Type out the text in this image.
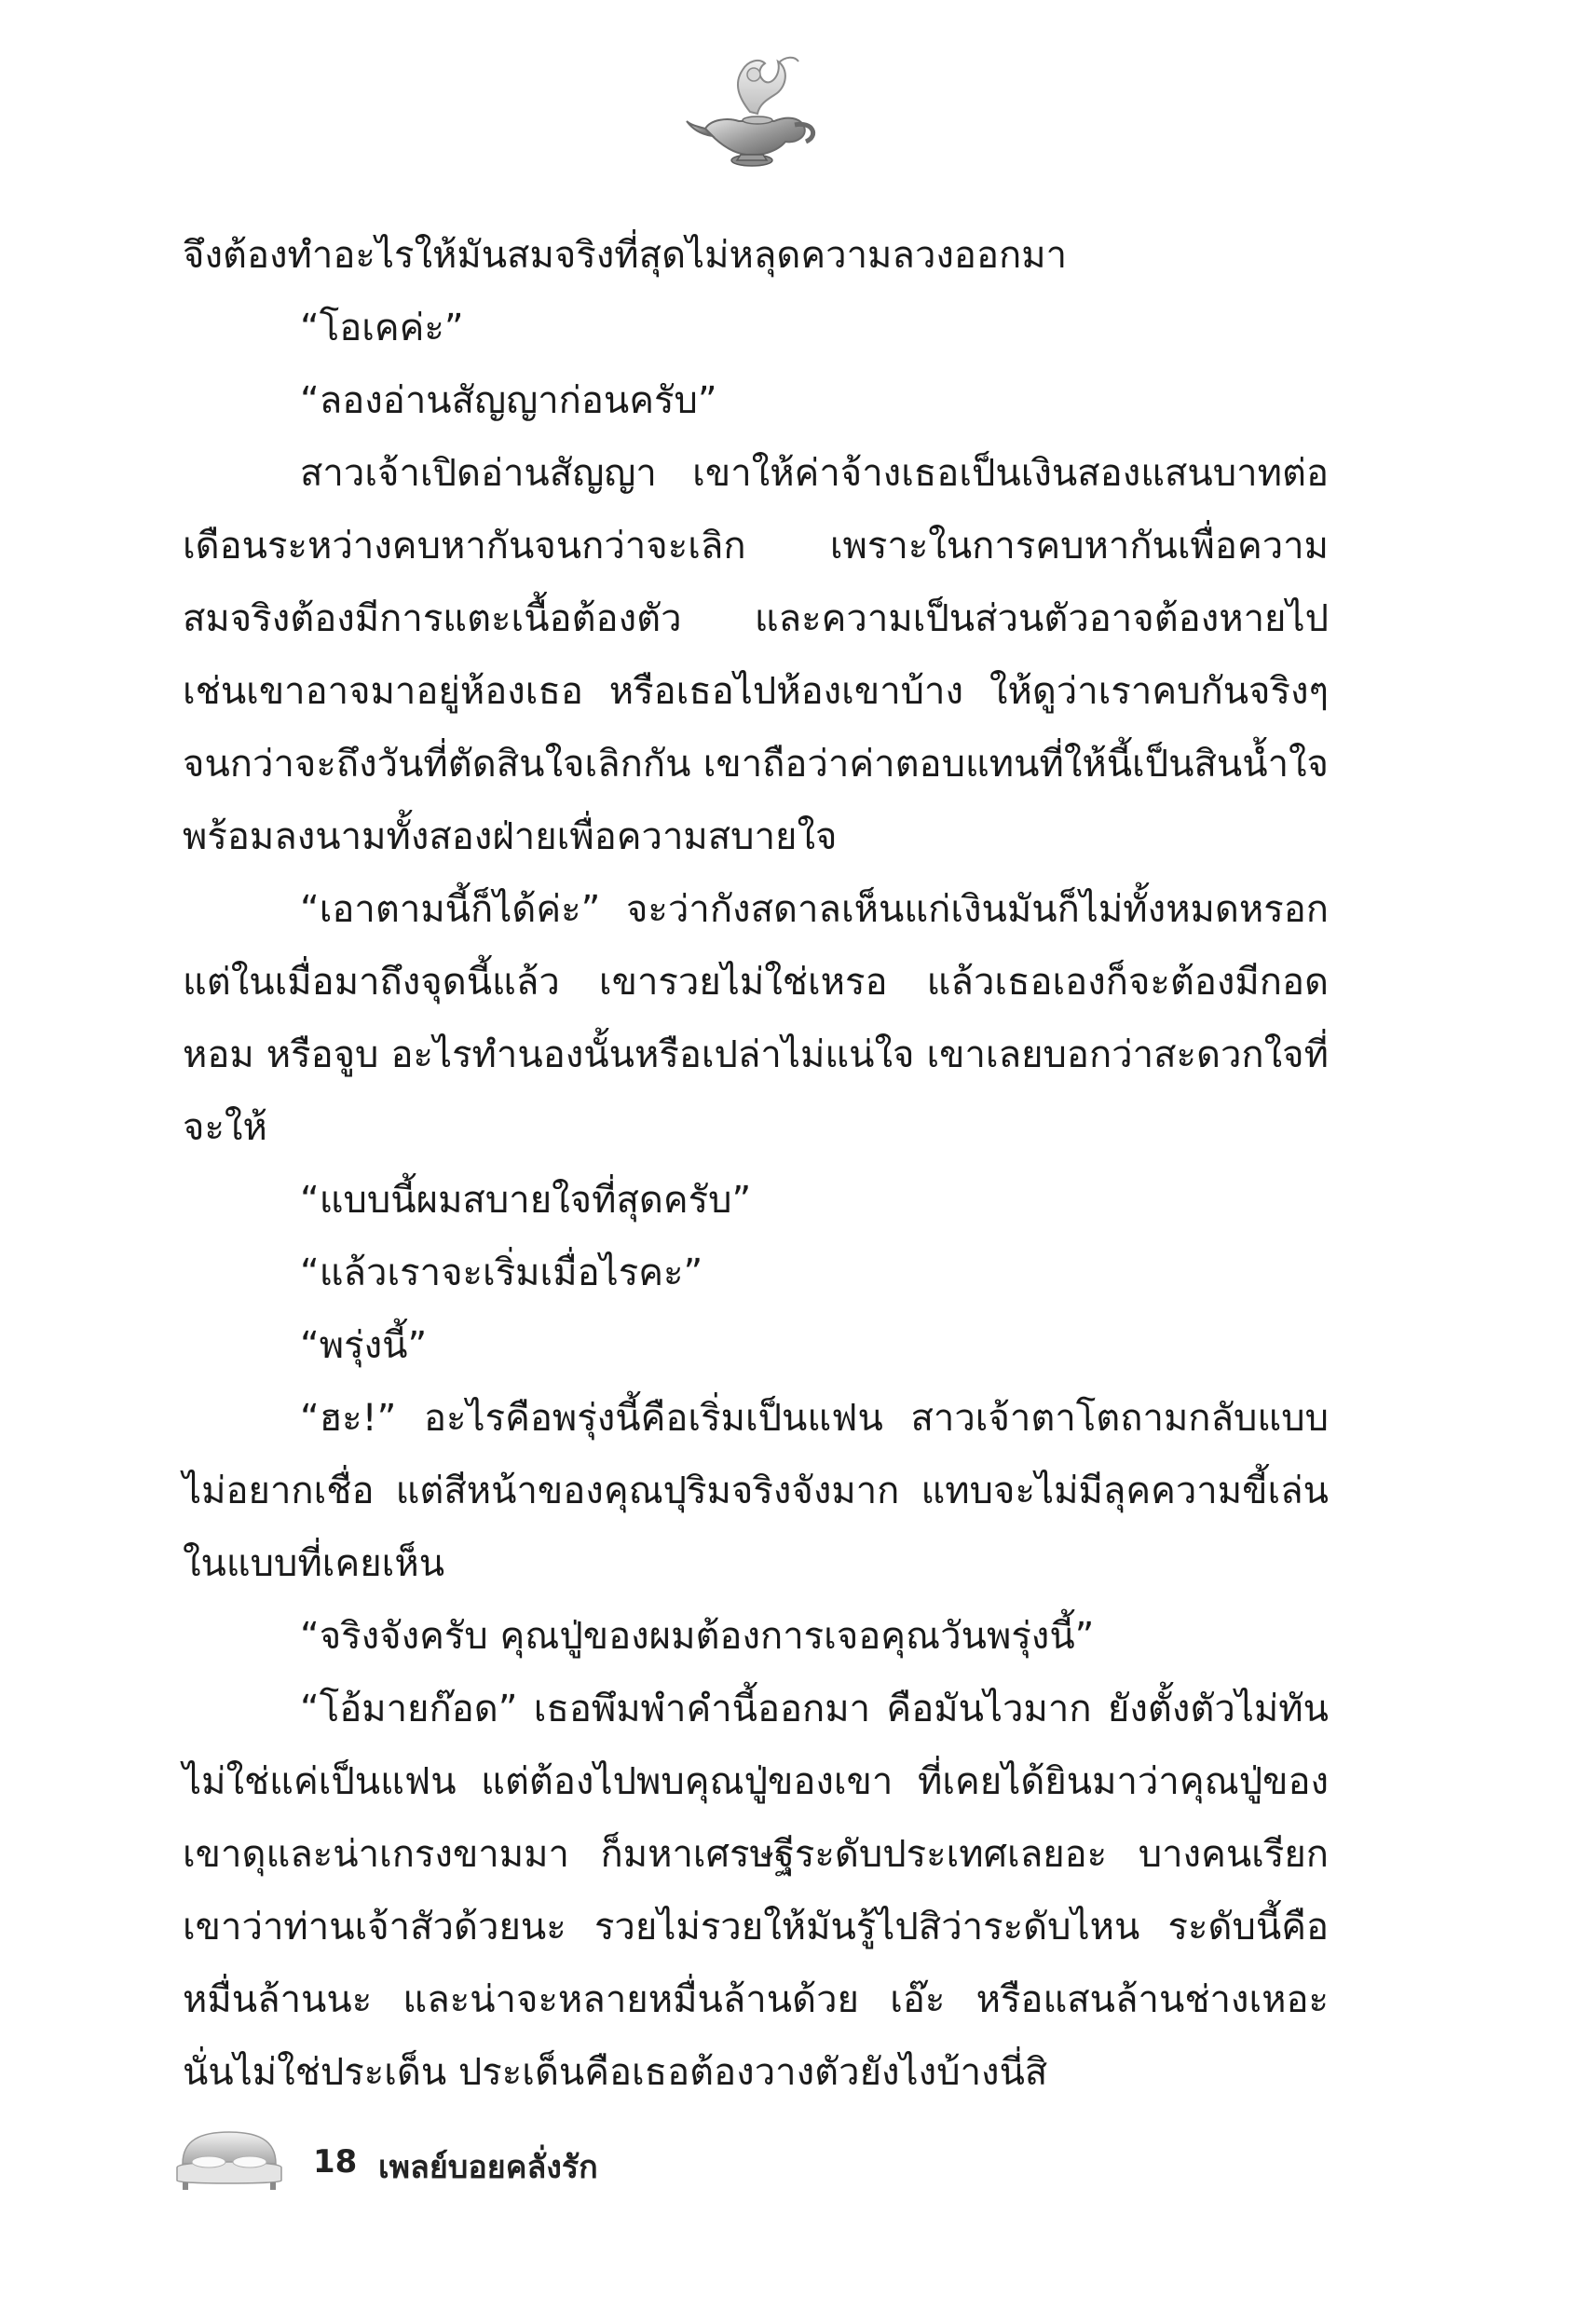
จึงต้องทำอะไรให้มันสมจริงที่สุดไม่หลุดความลวงออกมา

“โอเคค่ะ”

“ลองอ่านสัญญาก่อนครับ”

สาวเจ้าเปิดอ่านสัญญา เขาให้ค่าจ้างเธอเป็นเงินสองแสนบาทต่อเดือนระหว่างคบหากันจนกว่าจะเลิก เพราะในการคบหากันเพื่อความสมจริงต้องมีการแตะเนื้อต้องตัว และความเป็นส่วนตัวอาจต้องหายไป เช่นเขาอาจมาอยู่ห้องเธอ หรือเธอไปห้องเขาบ้าง ให้ดูว่าเราคบกันจริงๆ จนกว่าจะถึงวันที่ตัดสินใจเลิกกัน เขาถือว่าค่าตอบแทนที่ให้นี้เป็นสินน้ำใจ พร้อมลงนามทั้งสองฝ่ายเพื่อความสบายใจ

“เอาตามนี้ก็ได้ค่ะ” จะว่ากังสดาลเห็นแก่เงินมันก็ไม่ทั้งหมดหรอก แต่ในเมื่อมาถึงจุดนี้แล้ว เขารวยไม่ใช่เหรอ แล้วเธอเองก็จะต้องมีกอด หอม หรือจูบ อะไรทำนองนั้นหรือเปล่าไม่แน่ใจ เขาเลยบอกว่าสะดวกใจที่จะให้

“แบบนี้ผมสบายใจที่สุดครับ”

“แล้วเราจะเริ่มเมื่อไรคะ”

“พรุ่งนี้”

“ฮะ!” อะไรคือพรุ่งนี้คือเริ่มเป็นแฟน สาวเจ้าตาโตถามกลับแบบไม่อยากเชื่อ แต่สีหน้าของคุณปุริมจริงจังมาก แทบจะไม่มีลุคความขี้เล่นในแบบที่เคยเห็น

“จริงจังครับ คุณปู่ของผมต้องการเจอคุณวันพรุ่งนี้”

“โอ้มายก๊อด” เธอพึมพำคำนี้ออกมา คือมันไวมาก ยังตั้งตัวไม่ทัน ไม่ใช่แค่เป็นแฟน แต่ต้องไปพบคุณปู่ของเขา ที่เคยได้ยินมาว่าคุณปู่ของเขาดุและน่าเกรงขามมา ก็มหาเศรษฐีระดับประเทศเลยอะ บางคนเรียกเขาว่าท่านเจ้าสัวด้วยนะ รวยไม่รวยให้มันรู้ไปสิว่าระดับไหน ระดับนี้คือหมื่นล้านนะ และน่าจะหลายหมื่นล้านด้วย เอ๊ะ หรือแสนล้านช่างเหอะ นั่นไม่ใช่ประเด็น ประเด็นคือเธอต้องวางตัวยังไงบ้างนี่สิ

18 เพลย์บอยคลั่งรัก
